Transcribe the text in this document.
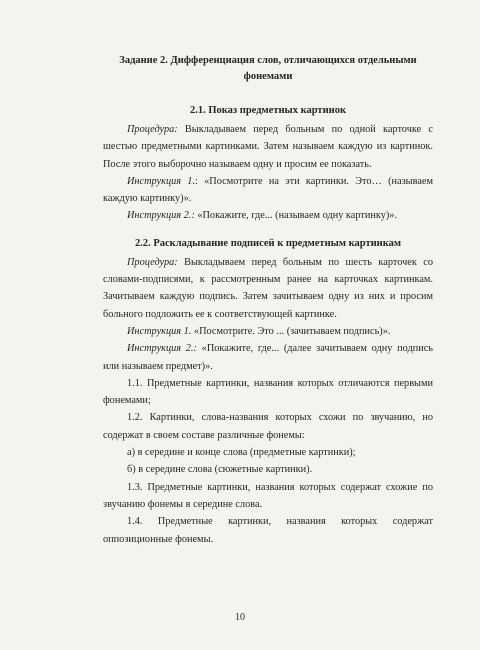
Задание 2. Дифференциация слов, отличающихся отдельными фонемами

2.1. Показ предметных картинок

Процедура: Выкладываем перед больным по одной карточке с шестью предметными картинками. Затем называем каждую из картинок. После этого выборочно называем одну и просим ее показать.

Инструкция 1.: «Посмотрите на эти картинки. Это… (называем каждую картинку)».

Инструкция 2.: «Покажите, где... (называем одну картинку)».

2.2. Раскладывание подписей к предметным картинкам

Процедура: Выкладываем перед больным по шесть карточек со словами-подписями, к рассмотренным ранее на карточках картинкам. Зачитываем каждую подпись. Затем зачитываем одну из них и просим больного подложить ее к соответствующей картинке.

Инструкция 1. «Посмотрите. Это ... (зачитываем подпись)».

Инструкция 2.: «Покажите, где... (далее зачитываем одну подпись или называем предмет)».

1.1. Предметные картинки, названия которых отличаются первыми фонемами;

1.2. Картинки, слова-названия которых схожи по звучанию, но содержат в своем составе различные фонемы:

а) в середине и конце слова (предметные картинки);

б) в середине слова (сюжетные картинки).

1.3. Предметные картинки, названия которых содержат схожие по звучанию фонемы в середине слова.

1.4. Предметные картинки, названия которых содержат оппозиционные фонемы.

10
